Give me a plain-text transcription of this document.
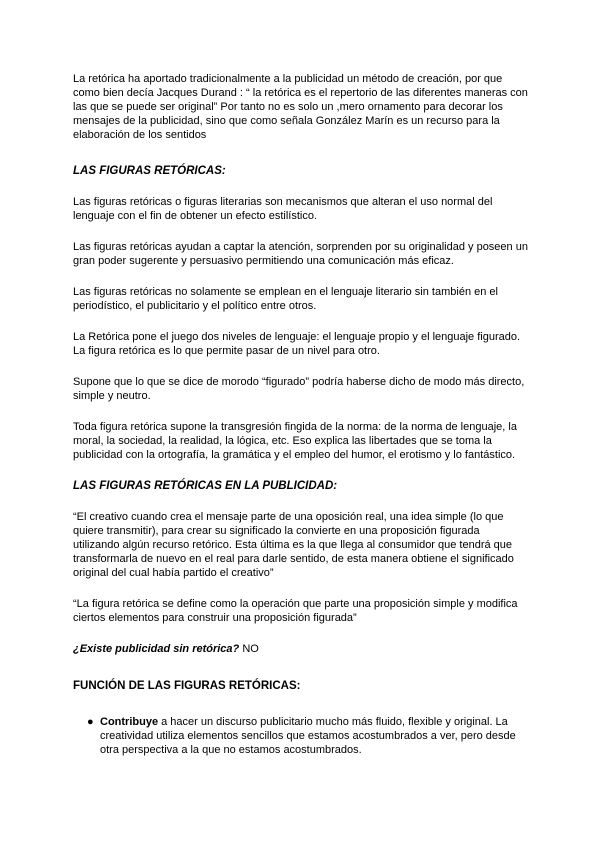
La retórica ha aportado tradicionalmente a la publicidad un método de creación, por que como bien decía Jacques Durand : “ la retórica es el repertorio de las diferentes maneras con las que se puede ser original” Por tanto no es solo un ,mero ornamento para decorar los mensajes de la publicidad, sino que como señala González Marín es un recurso para la elaboración de los sentidos

LAS FIGURAS RETÓRICAS:

Las figuras retóricas o figuras literarias son mecanismos que alteran el uso normal del lenguaje con el fin de obtener un efecto estilístico.

Las figuras retóricas ayudan a captar la atención, sorprenden por su originalidad y poseen un gran poder sugerente y persuasivo permitiendo una comunicación más eficaz.

Las figuras retóricas no solamente se emplean en el lenguaje literario sin también en el periodístico, el publicitario y el político entre otros.

La Retórica pone el juego dos niveles de lenguaje: el lenguaje propio y el lenguaje figurado. La figura retórica es lo que permite pasar de un nivel para otro.

Supone que lo que se dice de morodo “figurado” podría haberse dicho de modo más directo, simple y neutro.

Toda figura retórica supone la transgresión fingida de la norma: de la norma de lenguaje, la moral, la sociedad, la realidad, la lógica, etc. Eso explica las libertades que se toma la publicidad con la ortografía, la gramática y el empleo del humor, el erotismo y lo fantástico.

LAS FIGURAS RETÓRICAS EN LA PUBLICIDAD:

“El creativo cuando crea el mensaje parte de una oposición real, una idea simple (lo que quiere transmitir), para crear su significado la convierte en una proposición figurada utilizando algún recurso retórico. Esta última es la que llega al consumidor que tendrá que transformarla de nuevo en el real para darle sentido, de esta manera obtiene el significado original del cual había partido el creativo”

“La figura retórica se define como la operación que parte una proposición simple y modifica ciertos elementos para construir una proposición figurada”

¿Existe publicidad sin retórica? NO

FUNCIÓN DE LAS FIGURAS RETÓRICAS:

● Contribuye a hacer un discurso publicitario mucho más fluido, flexible y original. La creatividad utiliza elementos sencillos que estamos acostumbrados a ver, pero desde otra perspectiva a la que no estamos acostumbrados.
